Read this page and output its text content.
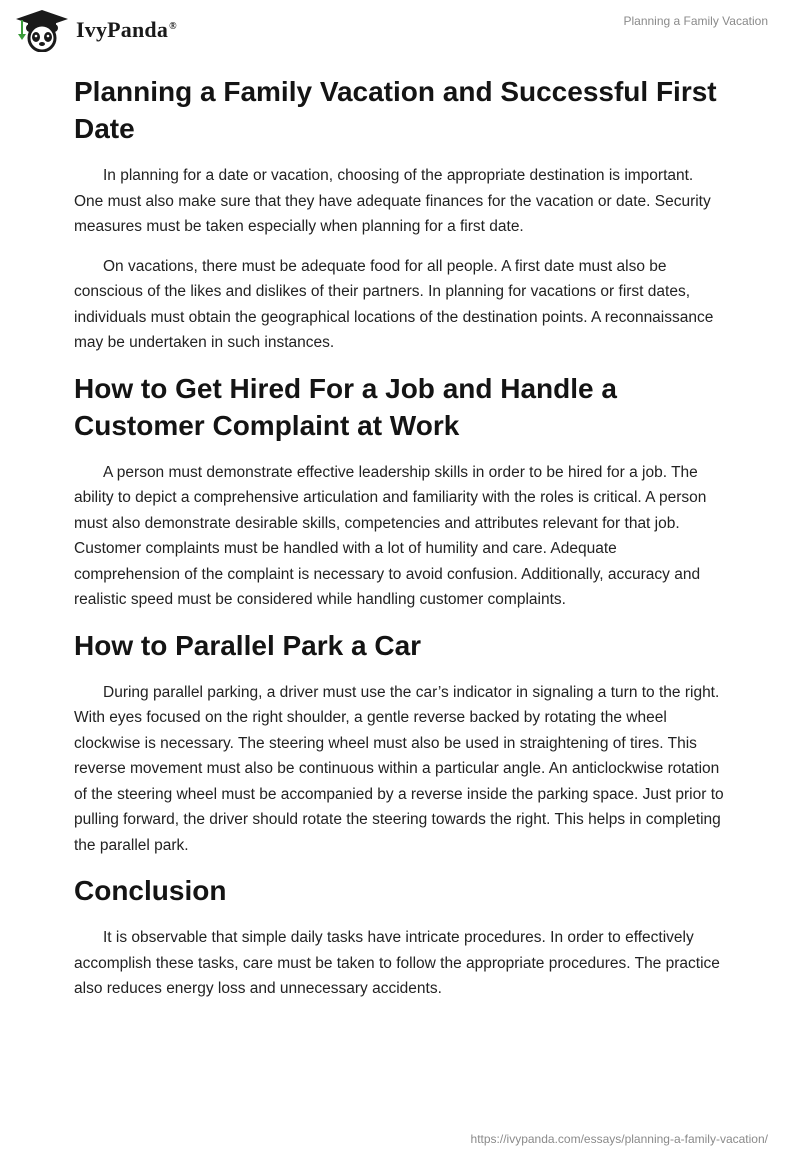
IvyPanda®	Planning a Family Vacation
Planning a Family Vacation and Successful First Date

In planning for a date or vacation, choosing of the appropriate destination is important. One must also make sure that they have adequate finances for the vacation or date. Security measures must be taken especially when planning for a first date.

On vacations, there must be adequate food for all people. A first date must also be conscious of the likes and dislikes of their partners. In planning for vacations or first dates, individuals must obtain the geographical locations of the destination points. A reconnaissance may be undertaken in such instances.

How to Get Hired For a Job and Handle a Customer Complaint at Work

A person must demonstrate effective leadership skills in order to be hired for a job. The ability to depict a comprehensive articulation and familiarity with the roles is critical. A person must also demonstrate desirable skills, competencies and attributes relevant for that job. Customer complaints must be handled with a lot of humility and care. Adequate comprehension of the complaint is necessary to avoid confusion. Additionally, accuracy and realistic speed must be considered while handling customer complaints.

How to Parallel Park a Car

During parallel parking, a driver must use the car’s indicator in signaling a turn to the right. With eyes focused on the right shoulder, a gentle reverse backed by rotating the wheel clockwise is necessary. The steering wheel must also be used in straightening of tires. This reverse movement must also be continuous within a particular angle. An anticlockwise rotation of the steering wheel must be accompanied by a reverse inside the parking space. Just prior to pulling forward, the driver should rotate the steering towards the right. This helps in completing the parallel park.

Conclusion

It is observable that simple daily tasks have intricate procedures. In order to effectively accomplish these tasks, care must be taken to follow the appropriate procedures. The practice also reduces energy loss and unnecessary accidents.

https://ivypanda.com/essays/planning-a-family-vacation/
